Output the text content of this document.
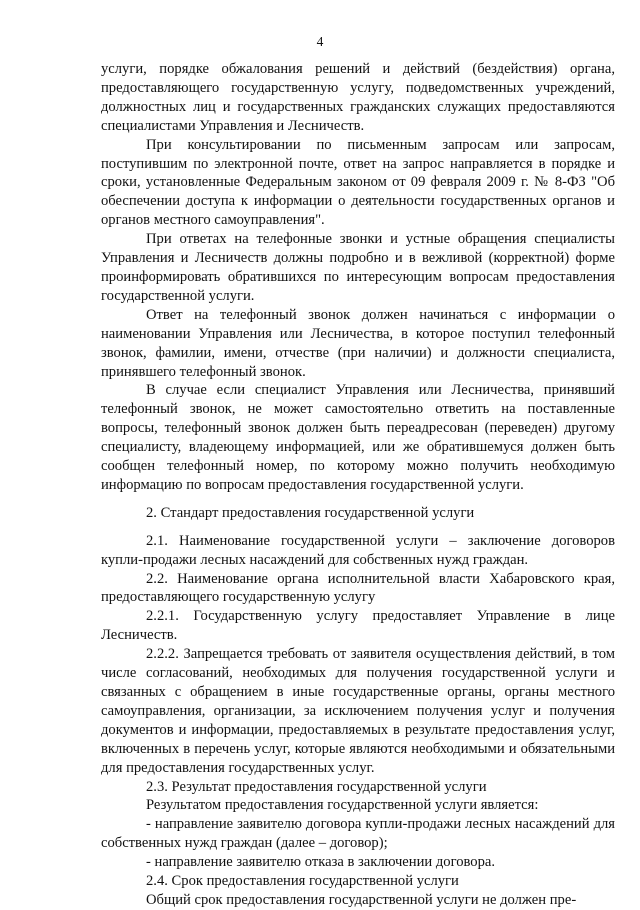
4

услуги, порядке обжалования решений и действий (бездействия) органа, предоставляющего государственную услугу, подведомственных учреждений, должностных лиц и государственных гражданских служащих предоставляются специалистами Управления и Лесничеств.

При консультировании по письменным запросам или запросам, поступившим по электронной почте, ответ на запрос направляется в порядке и сроки, установленные Федеральным законом от 09 февраля 2009 г. № 8-ФЗ "Об обеспечении доступа к информации о деятельности государственных органов и органов местного самоуправления".

При ответах на телефонные звонки и устные обращения специалисты Управления и Лесничеств должны подробно и в вежливой (корректной) форме проинформировать обратившихся по интересующим вопросам предоставления государственной услуги.

Ответ на телефонный звонок должен начинаться с информации о наименовании Управления или Лесничества, в которое поступил телефонный звонок, фамилии, имени, отчестве (при наличии) и должности специалиста, принявшего телефонный звонок.

В случае если специалист Управления или Лесничества, принявший телефонный звонок, не может самостоятельно ответить на поставленные вопросы, телефонный звонок должен быть переадресован (переведен) другому специалисту, владеющему информацией, или же обратившемуся должен быть сообщен телефонный номер, по которому можно получить необходимую информацию по вопросам предоставления государственной услуги.

2. Стандарт предоставления государственной услуги

2.1. Наименование государственной услуги – заключение договоров купли-продажи лесных насаждений для собственных нужд граждан.

2.2. Наименование органа исполнительной власти Хабаровского края, предоставляющего государственную услугу

2.2.1. Государственную услугу предоставляет Управление в лице Лесничеств.

2.2.2. Запрещается требовать от заявителя осуществления действий, в том числе согласований, необходимых для получения государственной услуги и связанных с обращением в иные государственные органы, органы местного самоуправления, организации, за исключением получения услуг и получения документов и информации, предоставляемых в результате предоставления услуг, включенных в перечень услуг, которые являются необходимыми и обязательными для предоставления государственных услуг.

2.3. Результат предоставления государственной услуги

Результатом предоставления государственной услуги является:

- направление заявителю договора купли-продажи лесных насаждений для собственных нужд граждан (далее – договор);

- направление заявителю отказа в заключении договора.

2.4. Срок предоставления государственной услуги

Общий срок предоставления государственной услуги не должен пре-
